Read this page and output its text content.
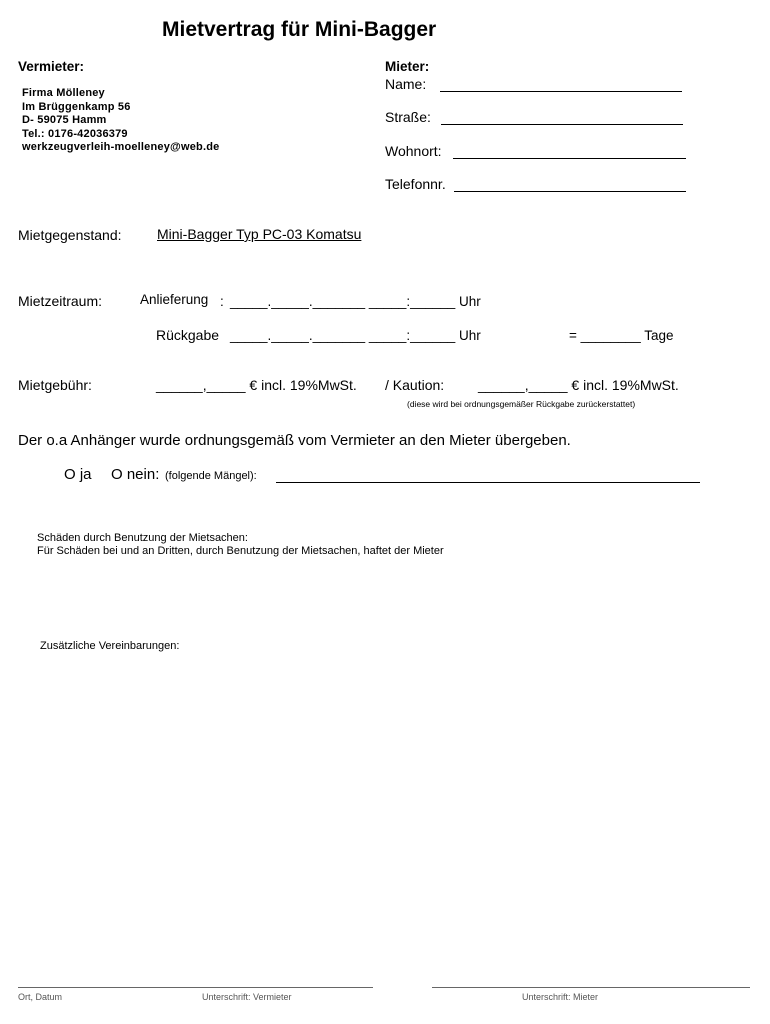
Mietvertrag für Mini-Bagger
Vermieter:
Firma Mölleney
Im Brüggenkamp 56
D- 59075 Hamm
Tel.: 0176-42036379
werkzeugverleih-moelleney@web.de
Mieter:
Name:
Straße:
Wohnort:
Telefonnr.
Mietgegenstand:	Mini-Bagger Typ PC-03 Komatsu
Mietzeitraum:	Anlieferung : _____._____._______ _____:______ Uhr
Rückgabe _____._____._______ _____:______ Uhr	= ________ Tage
Mietgebühr:	______,_____ € incl. 19%MwSt. / Kaution: ______,_____ € incl. 19%MwSt.
(diese wird bei ordnungsgemäßer Rückgabe zurückerstattet)
Der o.a Anhänger wurde ordnungsgemäß vom Vermieter an den Mieter übergeben.
O ja O nein: (folgende Mängel):
Schäden durch Benutzung der Mietsachen:
Für Schäden bei und an Dritten, durch Benutzung der Mietsachen, haftet der Mieter
Zusätzliche Vereinbarungen:
Ort, Datum	Unterschrift: Vermieter	Unterschrift: Mieter
